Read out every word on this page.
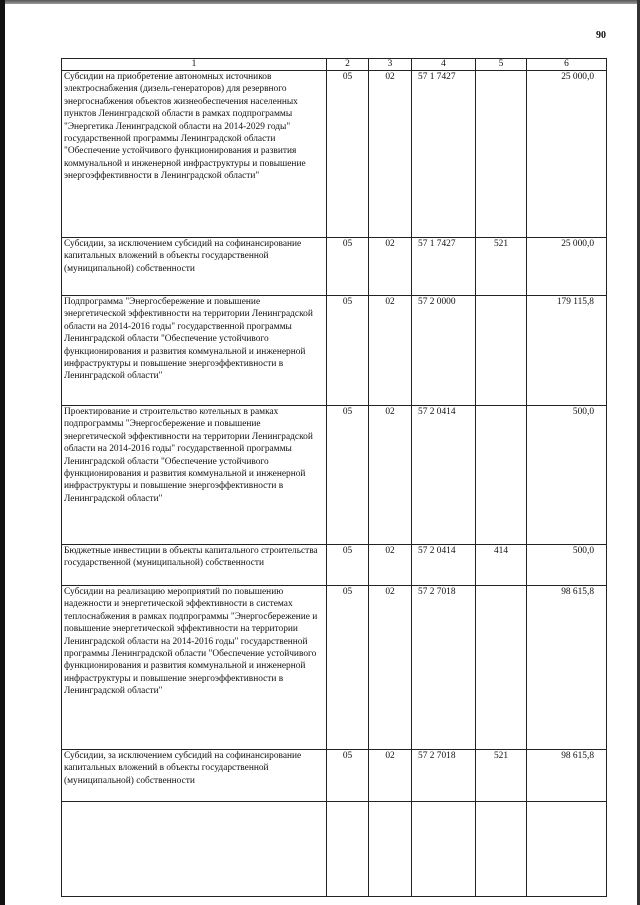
90
1	2	3	4	5	6
Субсидии на приобретение автономных источников электроснабжения (дизель-генераторов) для резервного энергоснабжения объектов жизнеобеспечения населенных пунктов Ленинградской области в рамках подпрограммы "Энергетика Ленинградской области на 2014-2029 годы" государственной программы Ленинградской области "Обеспечение устойчивого функционирования и развития коммунальной и инженерной инфраструктуры и повышение энергоэффективности в Ленинградской области"	05	02	57 1 7427		25 000,0
Субсидии, за исключением субсидий на софинансирование капитальных вложений в объекты государственной (муниципальной) собственности	05	02	57 1 7427	521	25 000,0
Подпрограмма "Энергосбережение и повышение энергетической эффективности на территории Ленинградской области на 2014-2016 годы" государственной программы Ленинградской области "Обеспечение устойчивого функционирования и развития коммунальной и инженерной инфраструктуры и повышение энергоэффективности в Ленинградской области"	05	02	57 2 0000		179 115,8
Проектирование и строительство котельных в рамках подпрограммы "Энергосбережение и повышение энергетической эффективности на территории Ленинградской области на 2014-2016 годы" государственной программы Ленинградской области "Обеспечение устойчивого функционирования и развития коммунальной и инженерной инфраструктуры и повышение энергоэффективности в Ленинградской области"	05	02	57 2 0414		500,0
Бюджетные инвестиции в объекты капитального строительства государственной (муниципальной) собственности	05	02	57 2 0414	414	500,0
Субсидии на реализацию мероприятий по повышению надежности и энергетической эффективности в системах теплоснабжения в рамках подпрограммы "Энергосбережение и повышение энергетической эффективности на территории Ленинградской области на 2014-2016 годы" государственной программы Ленинградской области "Обеспечение устойчивого функционирования и развития коммунальной и инженерной инфраструктуры и повышение энергоэффективности в Ленинградской области"	05	02	57 2 7018		98 615,8
Субсидии, за исключением субсидий на софинансирование капитальных вложений в объекты государственной (муниципальной) собственности	05	02	57 2 7018	521	98 615,8
